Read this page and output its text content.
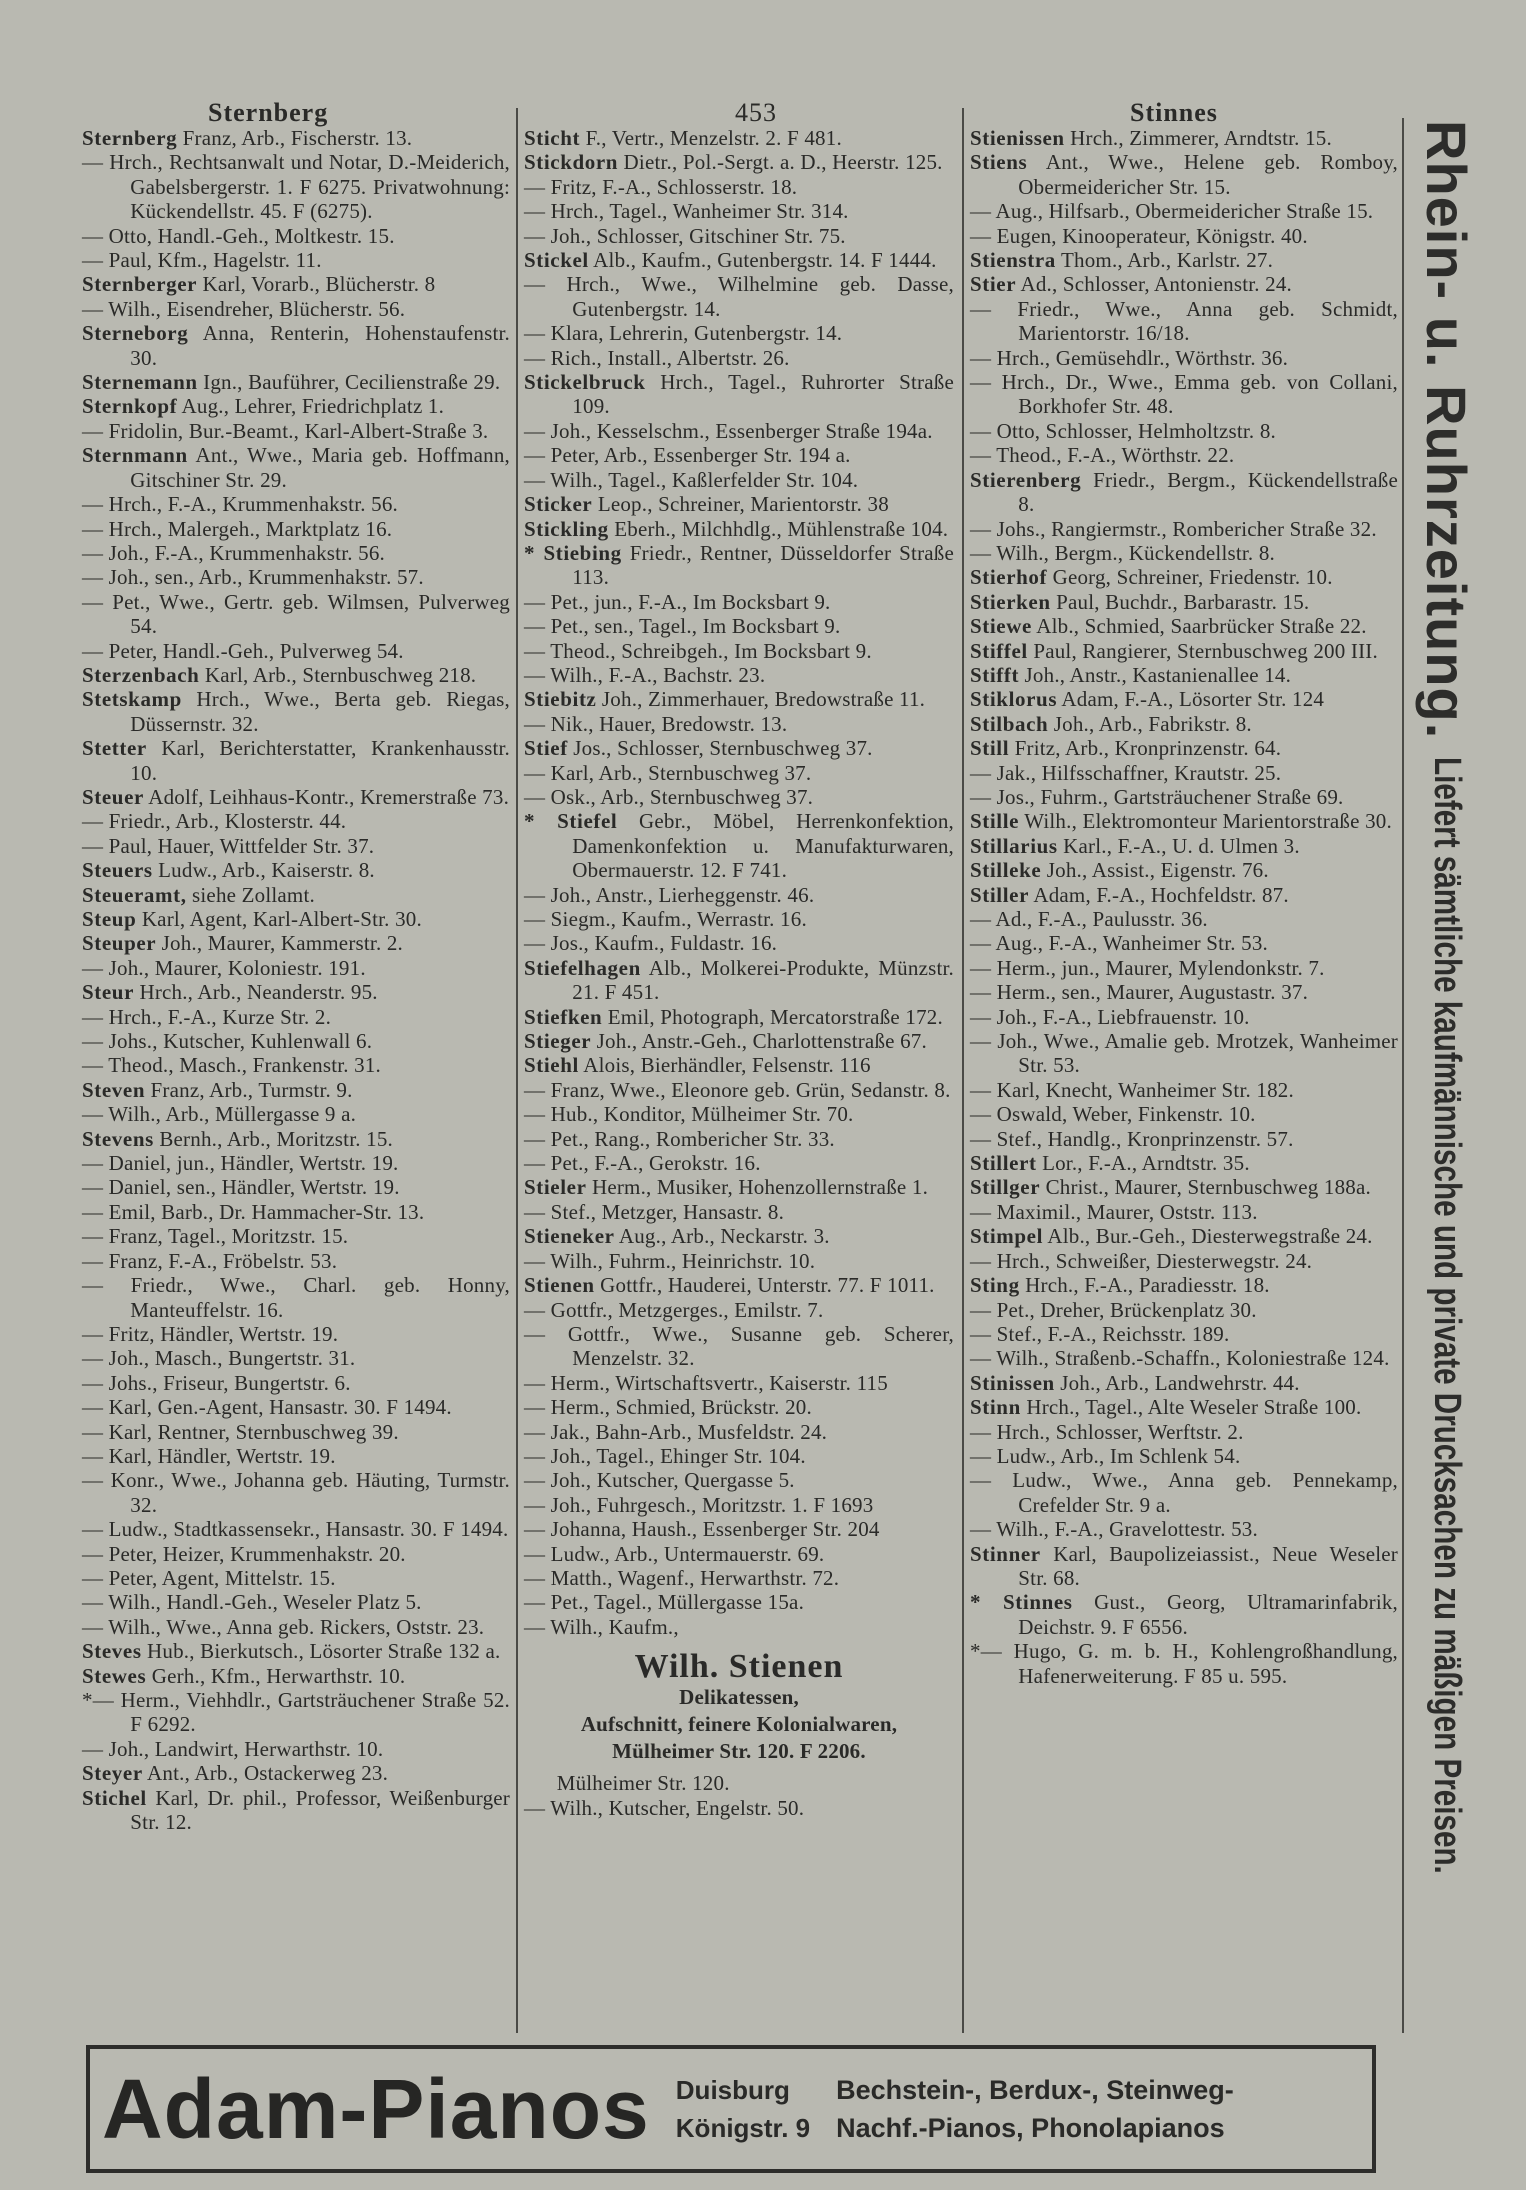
Sternberg	453	Stinnes

Sternberg Franz, Arb., Fischerstr. 13.

— Hrch., Rechtsanwalt und Notar, D.-Meiderich, Gabelsbergerstr. 1. F 6275. Privatwohnung: Kückendellstr. 45. F (6275).

— Otto, Handl.-Geh., Moltkestr. 15.

— Paul, Kfm., Hagelstr. 11.

Sternberger Karl, Vorarb., Blücherstr. 8

— Wilh., Eisendreher, Blücherstr. 56.

Sterneborg Anna, Renterin, Hohenstaufenstr. 30.

Sternemann Ign., Bauführer, Cecilienstraße 29.

Sternkopf Aug., Lehrer, Friedrichplatz 1.

— Fridolin, Bur.-Beamt., Karl-Albert-Straße 3.

Sternmann Ant., Wwe., Maria geb. Hoffmann, Gitschiner Str. 29.

— Hrch., F.-A., Krummenhakstr. 56.

— Hrch., Malergeh., Marktplatz 16.

— Joh., F.-A., Krummenhakstr. 56.

— Joh., sen., Arb., Krummenhakstr. 57.

— Pet., Wwe., Gertr. geb. Wilmsen, Pulverweg 54.

— Peter, Handl.-Geh., Pulverweg 54.

Sterzenbach Karl, Arb., Sternbuschweg 218.

Stetskamp Hrch., Wwe., Berta geb. Riegas, Düssernstr. 32.

Stetter Karl, Berichterstatter, Krankenhausstr. 10.

Steuer Adolf, Leihhaus-Kontr., Kremerstraße 73.

— Friedr., Arb., Klosterstr. 44.

— Paul, Hauer, Wittfelder Str. 37.

Steuers Ludw., Arb., Kaiserstr. 8.

Steueramt, siehe Zollamt.

Steup Karl, Agent, Karl-Albert-Str. 30.

Steuper Joh., Maurer, Kammerstr. 2.

— Joh., Maurer, Koloniestr. 191.

Steur Hrch., Arb., Neanderstr. 95.

— Hrch., F.-A., Kurze Str. 2.

— Johs., Kutscher, Kuhlenwall 6.

— Theod., Masch., Frankenstr. 31.

Steven Franz, Arb., Turmstr. 9.

— Wilh., Arb., Müllergasse 9 a.

Stevens Bernh., Arb., Moritzstr. 15.

— Daniel, jun., Händler, Wertstr. 19.

— Daniel, sen., Händler, Wertstr. 19.

— Emil, Barb., Dr. Hammacher-Str. 13.

— Franz, Tagel., Moritzstr. 15.

— Franz, F.-A., Fröbelstr. 53.

— Friedr., Wwe., Charl. geb. Honny, Manteuffelstr. 16.

— Fritz, Händler, Wertstr. 19.

— Joh., Masch., Bungertstr. 31.

— Johs., Friseur, Bungertstr. 6.

— Karl, Gen.-Agent, Hansastr. 30. F 1494.

— Karl, Rentner, Sternbuschweg 39.

— Karl, Händler, Wertstr. 19.

— Konr., Wwe., Johanna geb. Häuting, Turmstr. 32.

— Ludw., Stadtkassensekr., Hansastr. 30. F 1494.

— Peter, Heizer, Krummenhakstr. 20.

— Peter, Agent, Mittelstr. 15.

— Wilh., Handl.-Geh., Weseler Platz 5.

— Wilh., Wwe., Anna geb. Rickers, Oststr. 23.

Steves Hub., Bierkutsch., Lösorter Straße 132 a.

Stewes Gerh., Kfm., Herwarthstr. 10.

*— Herm., Viehhdlr., Gartsträuchener Straße 52. F 6292.

— Joh., Landwirt, Herwarthstr. 10.

Steyer Ant., Arb., Ostackerweg 23.

Stichel Karl, Dr. phil., Professor, Weißenburger Str. 12.

Sticht F., Vertr., Menzelstr. 2. F 481.

Stickdorn Dietr., Pol.-Sergt. a. D., Heerstr. 125.

— Fritz, F.-A., Schlosserstr. 18.

— Hrch., Tagel., Wanheimer Str. 314.

— Joh., Schlosser, Gitschiner Str. 75.

Stickel Alb., Kaufm., Gutenbergstr. 14. F 1444.

— Hrch., Wwe., Wilhelmine geb. Dasse, Gutenbergstr. 14.

— Klara, Lehrerin, Gutenbergstr. 14.

— Rich., Install., Albertstr. 26.

Stickelbruck Hrch., Tagel., Ruhrorter Straße 109.

— Joh., Kesselschm., Essenberger Straße 194a.

— Peter, Arb., Essenberger Str. 194 a.

— Wilh., Tagel., Kaßlerfelder Str. 104.

Sticker Leop., Schreiner, Marientorstr. 38

Stickling Eberh., Milchhdlg., Mühlenstraße 104.

* Stiebing Friedr., Rentner, Düsseldorfer Straße 113.

— Pet., jun., F.-A., Im Bocksbart 9.

— Pet., sen., Tagel., Im Bocksbart 9.

— Theod., Schreibgeh., Im Bocksbart 9.

— Wilh., F.-A., Bachstr. 23.

Stiebitz Joh., Zimmerhauer, Bredowstraße 11.

— Nik., Hauer, Bredowstr. 13.

Stief Jos., Schlosser, Sternbuschweg 37.

— Karl, Arb., Sternbuschweg 37.

— Osk., Arb., Sternbuschweg 37.

* Stiefel Gebr., Möbel, Herrenkonfektion, Damenkonfektion u. Manufakturwaren, Obermauerstr. 12. F 741.

— Joh., Anstr., Lierheggenstr. 46.

— Siegm., Kaufm., Werrastr. 16.

— Jos., Kaufm., Fuldastr. 16.

Stiefelhagen Alb., Molkerei-Produkte, Münzstr. 21. F 451.

Stiefken Emil, Photograph, Mercatorstraße 172.

Stieger Joh., Anstr.-Geh., Charlottenstraße 67.

Stiehl Alois, Bierhändler, Felsenstr. 116

— Franz, Wwe., Eleonore geb. Grün, Sedanstr. 8.

— Hub., Konditor, Mülheimer Str. 70.

— Pet., Rang., Rombericher Str. 33.

— Pet., F.-A., Gerokstr. 16.

Stieler Herm., Musiker, Hohenzollernstraße 1.

— Stef., Metzger, Hansastr. 8.

Stieneker Aug., Arb., Neckarstr. 3.

— Wilh., Fuhrm., Heinrichstr. 10.

Stienen Gottfr., Hauderei, Unterstr. 77. F 1011.

— Gottfr., Metzgerges., Emilstr. 7.

— Gottfr., Wwe., Susanne geb. Scherer, Menzelstr. 32.

— Herm., Wirtschaftsvertr., Kaiserstr. 115

— Herm., Schmied, Brückstr. 20.

— Jak., Bahn-Arb., Musfeldstr. 24.

— Joh., Tagel., Ehinger Str. 104.

— Joh., Kutscher, Quergasse 5.

— Joh., Fuhrgesch., Moritzstr. 1. F 1693

— Johanna, Haush., Essenberger Str. 204

— Ludw., Arb., Untermauerstr. 69.

— Matth., Wagenf., Herwarthstr. 72.

— Pet., Tagel., Müllergasse 15a.

— Wilh., Kaufm.,

Wilh. Stienen
Delikatessen,
Aufschnitt, feinere Kolonialwaren,
Mülheimer Str. 120. F 2206.

Mülheimer Str. 120.

— Wilh., Kutscher, Engelstr. 50.

Stienissen Hrch., Zimmerer, Arndtstr. 15.

Stiens Ant., Wwe., Helene geb. Romboy, Obermeidericher Str. 15.

— Aug., Hilfsarb., Obermeidericher Straße 15.

— Eugen, Kinooperateur, Königstr. 40.

Stienstra Thom., Arb., Karlstr. 27.

Stier Ad., Schlosser, Antonienstr. 24.

— Friedr., Wwe., Anna geb. Schmidt, Marientorstr. 16/18.

— Hrch., Gemüsehdlr., Wörthstr. 36.

— Hrch., Dr., Wwe., Emma geb. von Collani, Borkhofer Str. 48.

— Otto, Schlosser, Helmholtzstr. 8.

— Theod., F.-A., Wörthstr. 22.

Stierenberg Friedr., Bergm., Kückendellstraße 8.

— Johs., Rangiermstr., Rombericher Straße 32.

— Wilh., Bergm., Kückendellstr. 8.

Stierhof Georg, Schreiner, Friedenstr. 10.

Stierken Paul, Buchdr., Barbarastr. 15.

Stiewe Alb., Schmied, Saarbrücker Straße 22.

Stiffel Paul, Rangierer, Sternbuschweg 200 III.

Stifft Joh., Anstr., Kastanienallee 14.

Stiklorus Adam, F.-A., Lösorter Str. 124

Stilbach Joh., Arb., Fabrikstr. 8.

Still Fritz, Arb., Kronprinzenstr. 64.

— Jak., Hilfsschaffner, Krautstr. 25.

— Jos., Fuhrm., Gartsträuchener Straße 69.

Stille Wilh., Elektromonteur Marientorstraße 30.

Stillarius Karl., F.-A., U. d. Ulmen 3.

Stilleke Joh., Assist., Eigenstr. 76.

Stiller Adam, F.-A., Hochfeldstr. 87.

— Ad., F.-A., Paulusstr. 36.

— Aug., F.-A., Wanheimer Str. 53.

— Herm., jun., Maurer, Mylendonkstr. 7.

— Herm., sen., Maurer, Augustastr. 37.

— Joh., F.-A., Liebfrauenstr. 10.

— Joh., Wwe., Amalie geb. Mrotzek, Wanheimer Str. 53.

— Karl, Knecht, Wanheimer Str. 182.

— Oswald, Weber, Finkenstr. 10.

— Stef., Handlg., Kronprinzenstr. 57.

Stillert Lor., F.-A., Arndtstr. 35.

Stillger Christ., Maurer, Sternbuschweg 188a.

— Maximil., Maurer, Oststr. 113.

Stimpel Alb., Bur.-Geh., Diesterwegstraße 24.

— Hrch., Schweißer, Diesterwegstr. 24.

Sting Hrch., F.-A., Paradiesstr. 18.

— Pet., Dreher, Brückenplatz 30.

— Stef., F.-A., Reichsstr. 189.

— Wilh., Straßenb.-Schaffn., Koloniestraße 124.

Stinissen Joh., Arb., Landwehrstr. 44.

Stinn Hrch., Tagel., Alte Weseler Straße 100.

— Hrch., Schlosser, Werftstr. 2.

— Ludw., Arb., Im Schlenk 54.

— Ludw., Wwe., Anna geb. Pennekamp, Crefelder Str. 9 a.

— Wilh., F.-A., Gravelottestr. 53.

Stinner Karl, Baupolizeiassist., Neue Weseler Str. 68.

* Stinnes Gust., Georg, Ultramarinfabrik, Deichstr. 9. F 6556.

*— Hugo, G. m. b. H., Kohlengroßhandlung, Hafenerweiterung. F 85 u. 595.

Rhein- u. Ruhrzeitung.
Liefert sämtliche kaufmännische und private Drucksachen zu mäßigen Preisen.
Adam-Pianos Duisburg
Königstr. 9
Bechstein-, Berdux-, Steinweg-
Nachf.-Pianos, Phonolapianos
